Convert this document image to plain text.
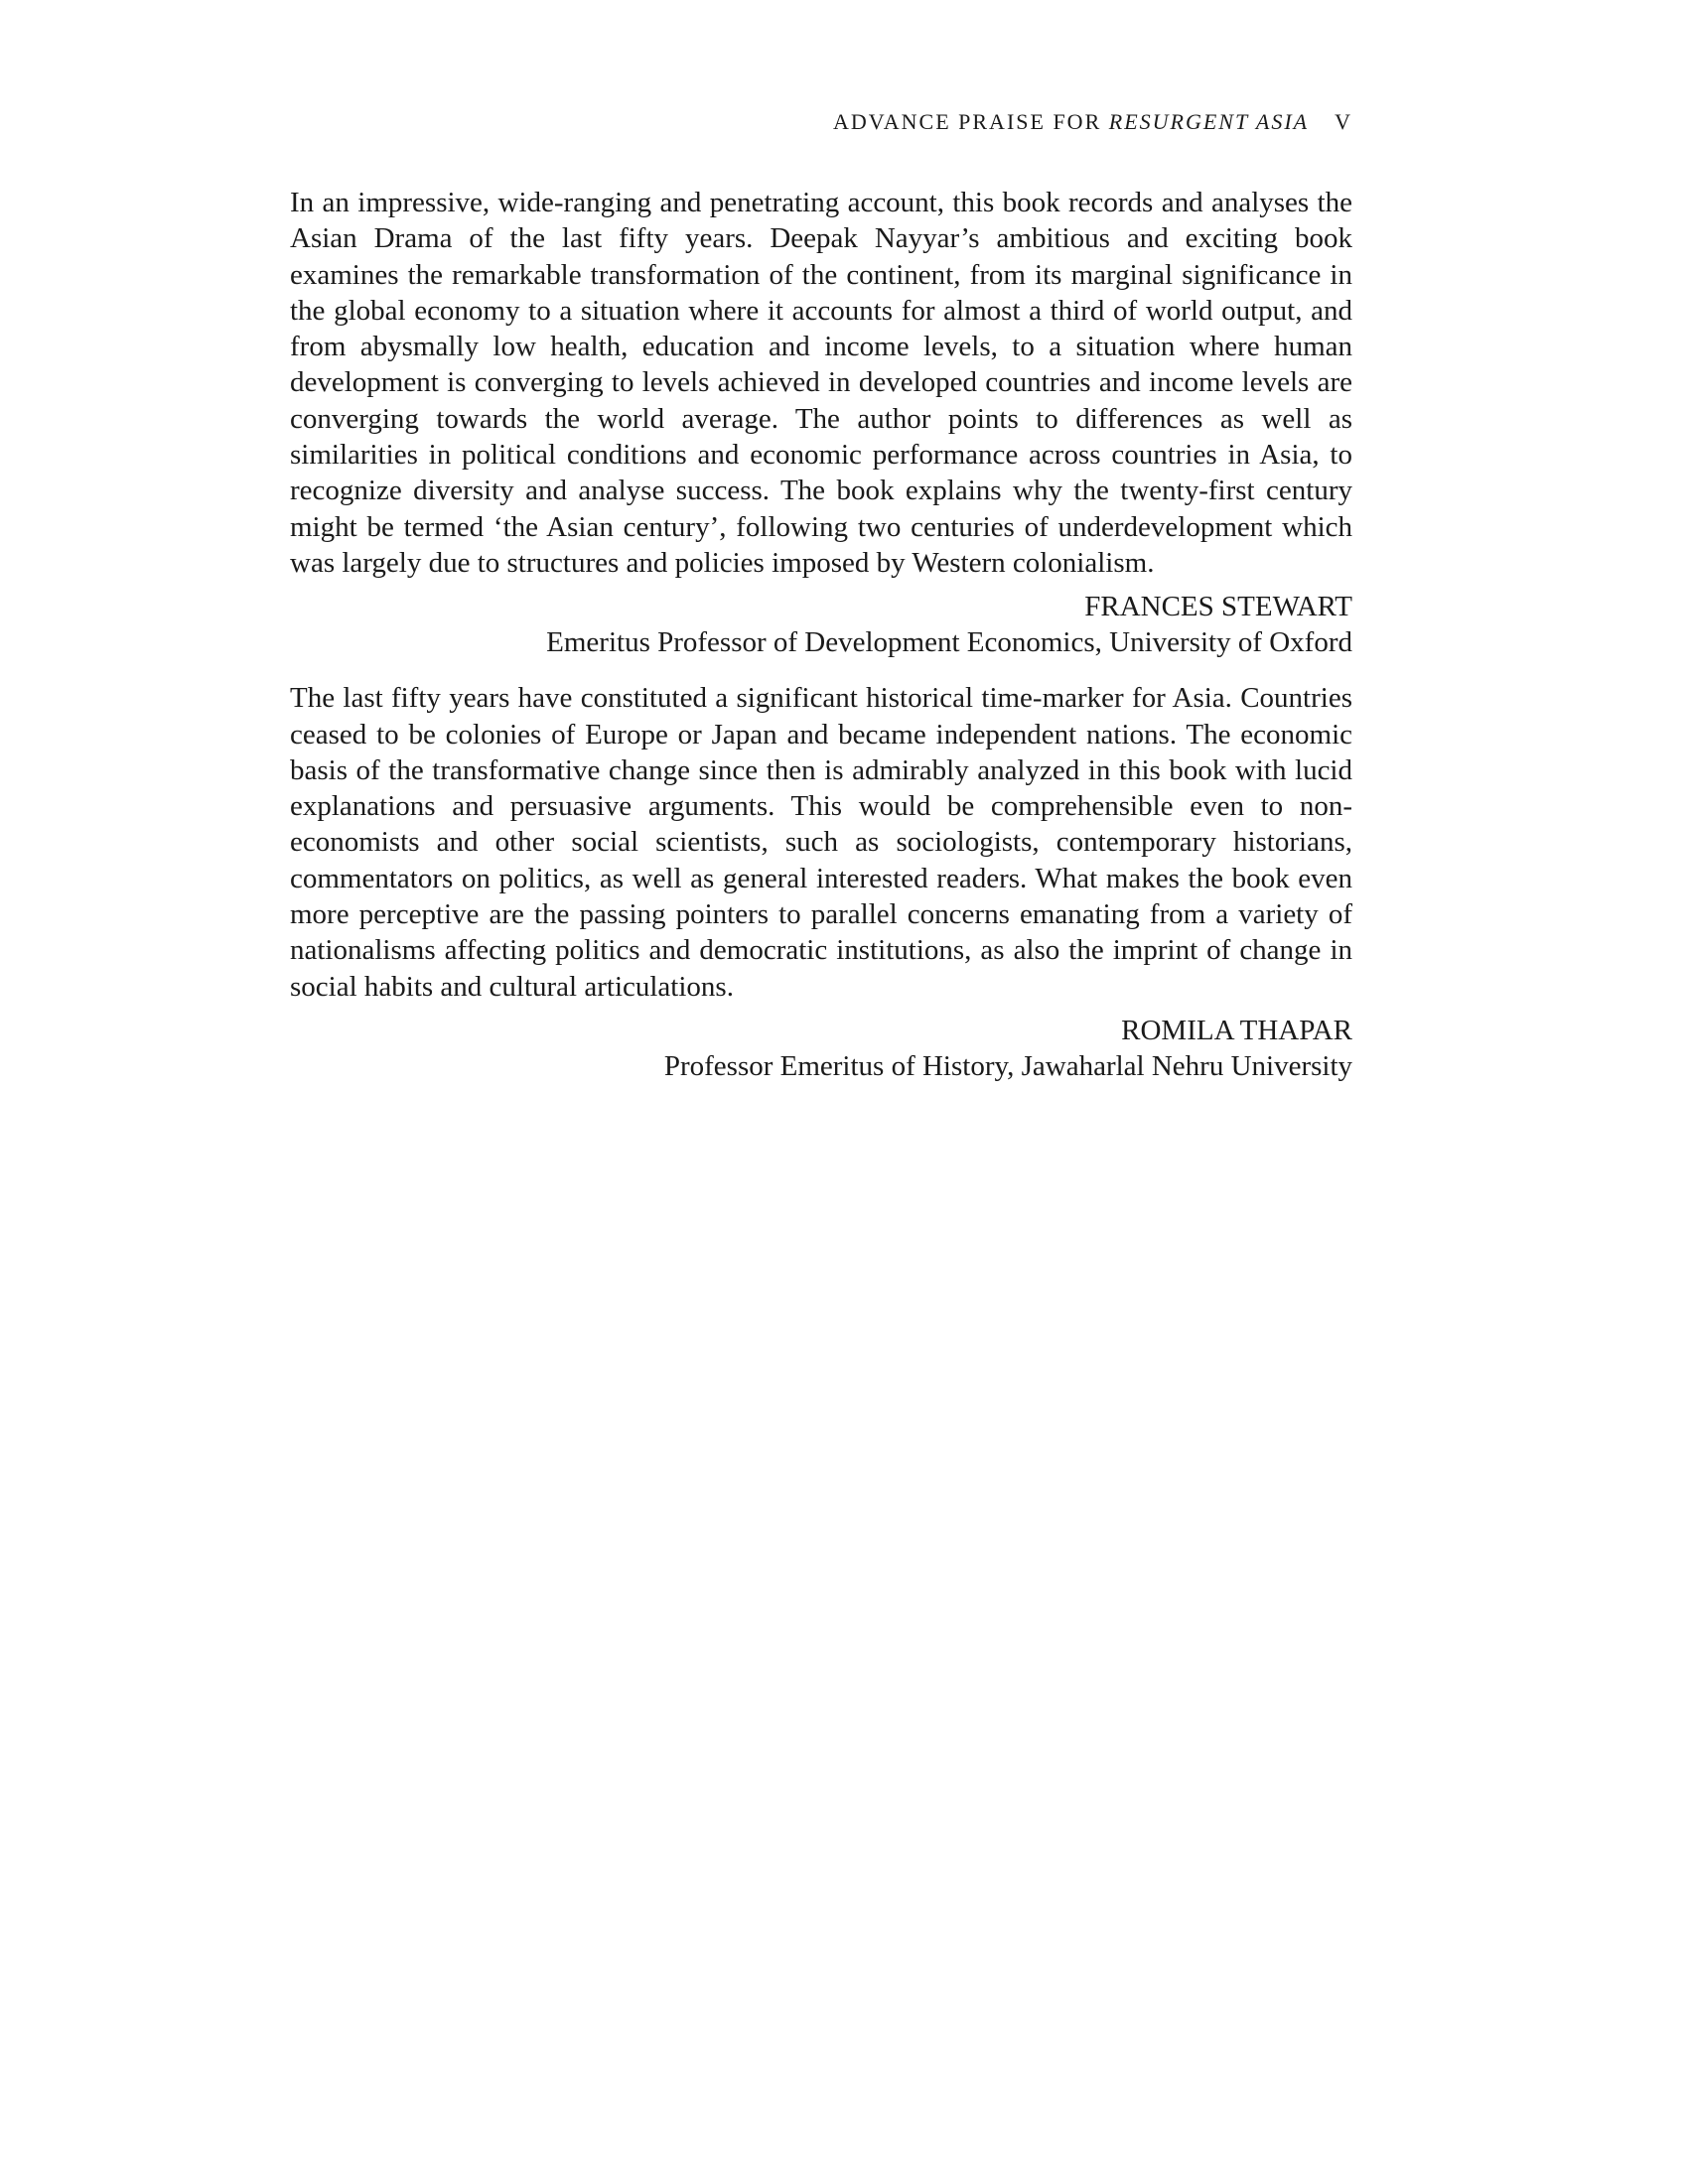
ADVANCE PRAISE FOR RESURGENT ASIA V

In an impressive, wide-ranging and penetrating account, this book records and analyses the Asian Drama of the last fifty years. Deepak Nayyar’s ambitious and exciting book examines the remarkable transformation of the continent, from its marginal significance in the global economy to a situation where it accounts for almost a third of world output, and from abysmally low health, education and income levels, to a situation where human development is converging to levels achieved in developed countries and income levels are converging towards the world average. The author points to differences as well as similarities in political conditions and economic performance across countries in Asia, to recognize diversity and analyse success. The book explains why the twenty-first century might be termed ‘the Asian century’, following two centuries of underdevelopment which was largely due to structures and policies imposed by Western colonialism.

FRANCES STEWART
Emeritus Professor of Development Economics, University of Oxford

The last fifty years have constituted a significant historical time-marker for Asia. Countries ceased to be colonies of Europe or Japan and became independent nations. The economic basis of the transformative change since then is admirably analyzed in this book with lucid explanations and persuasive arguments. This would be comprehensible even to non-economists and other social scientists, such as sociologists, contemporary historians, commentators on politics, as well as general interested readers. What makes the book even more perceptive are the passing pointers to parallel concerns emanating from a variety of nationalisms affecting politics and democratic institutions, as also the imprint of change in social habits and cultural articulations.

ROMILA THAPAR
Professor Emeritus of History, Jawaharlal Nehru University
